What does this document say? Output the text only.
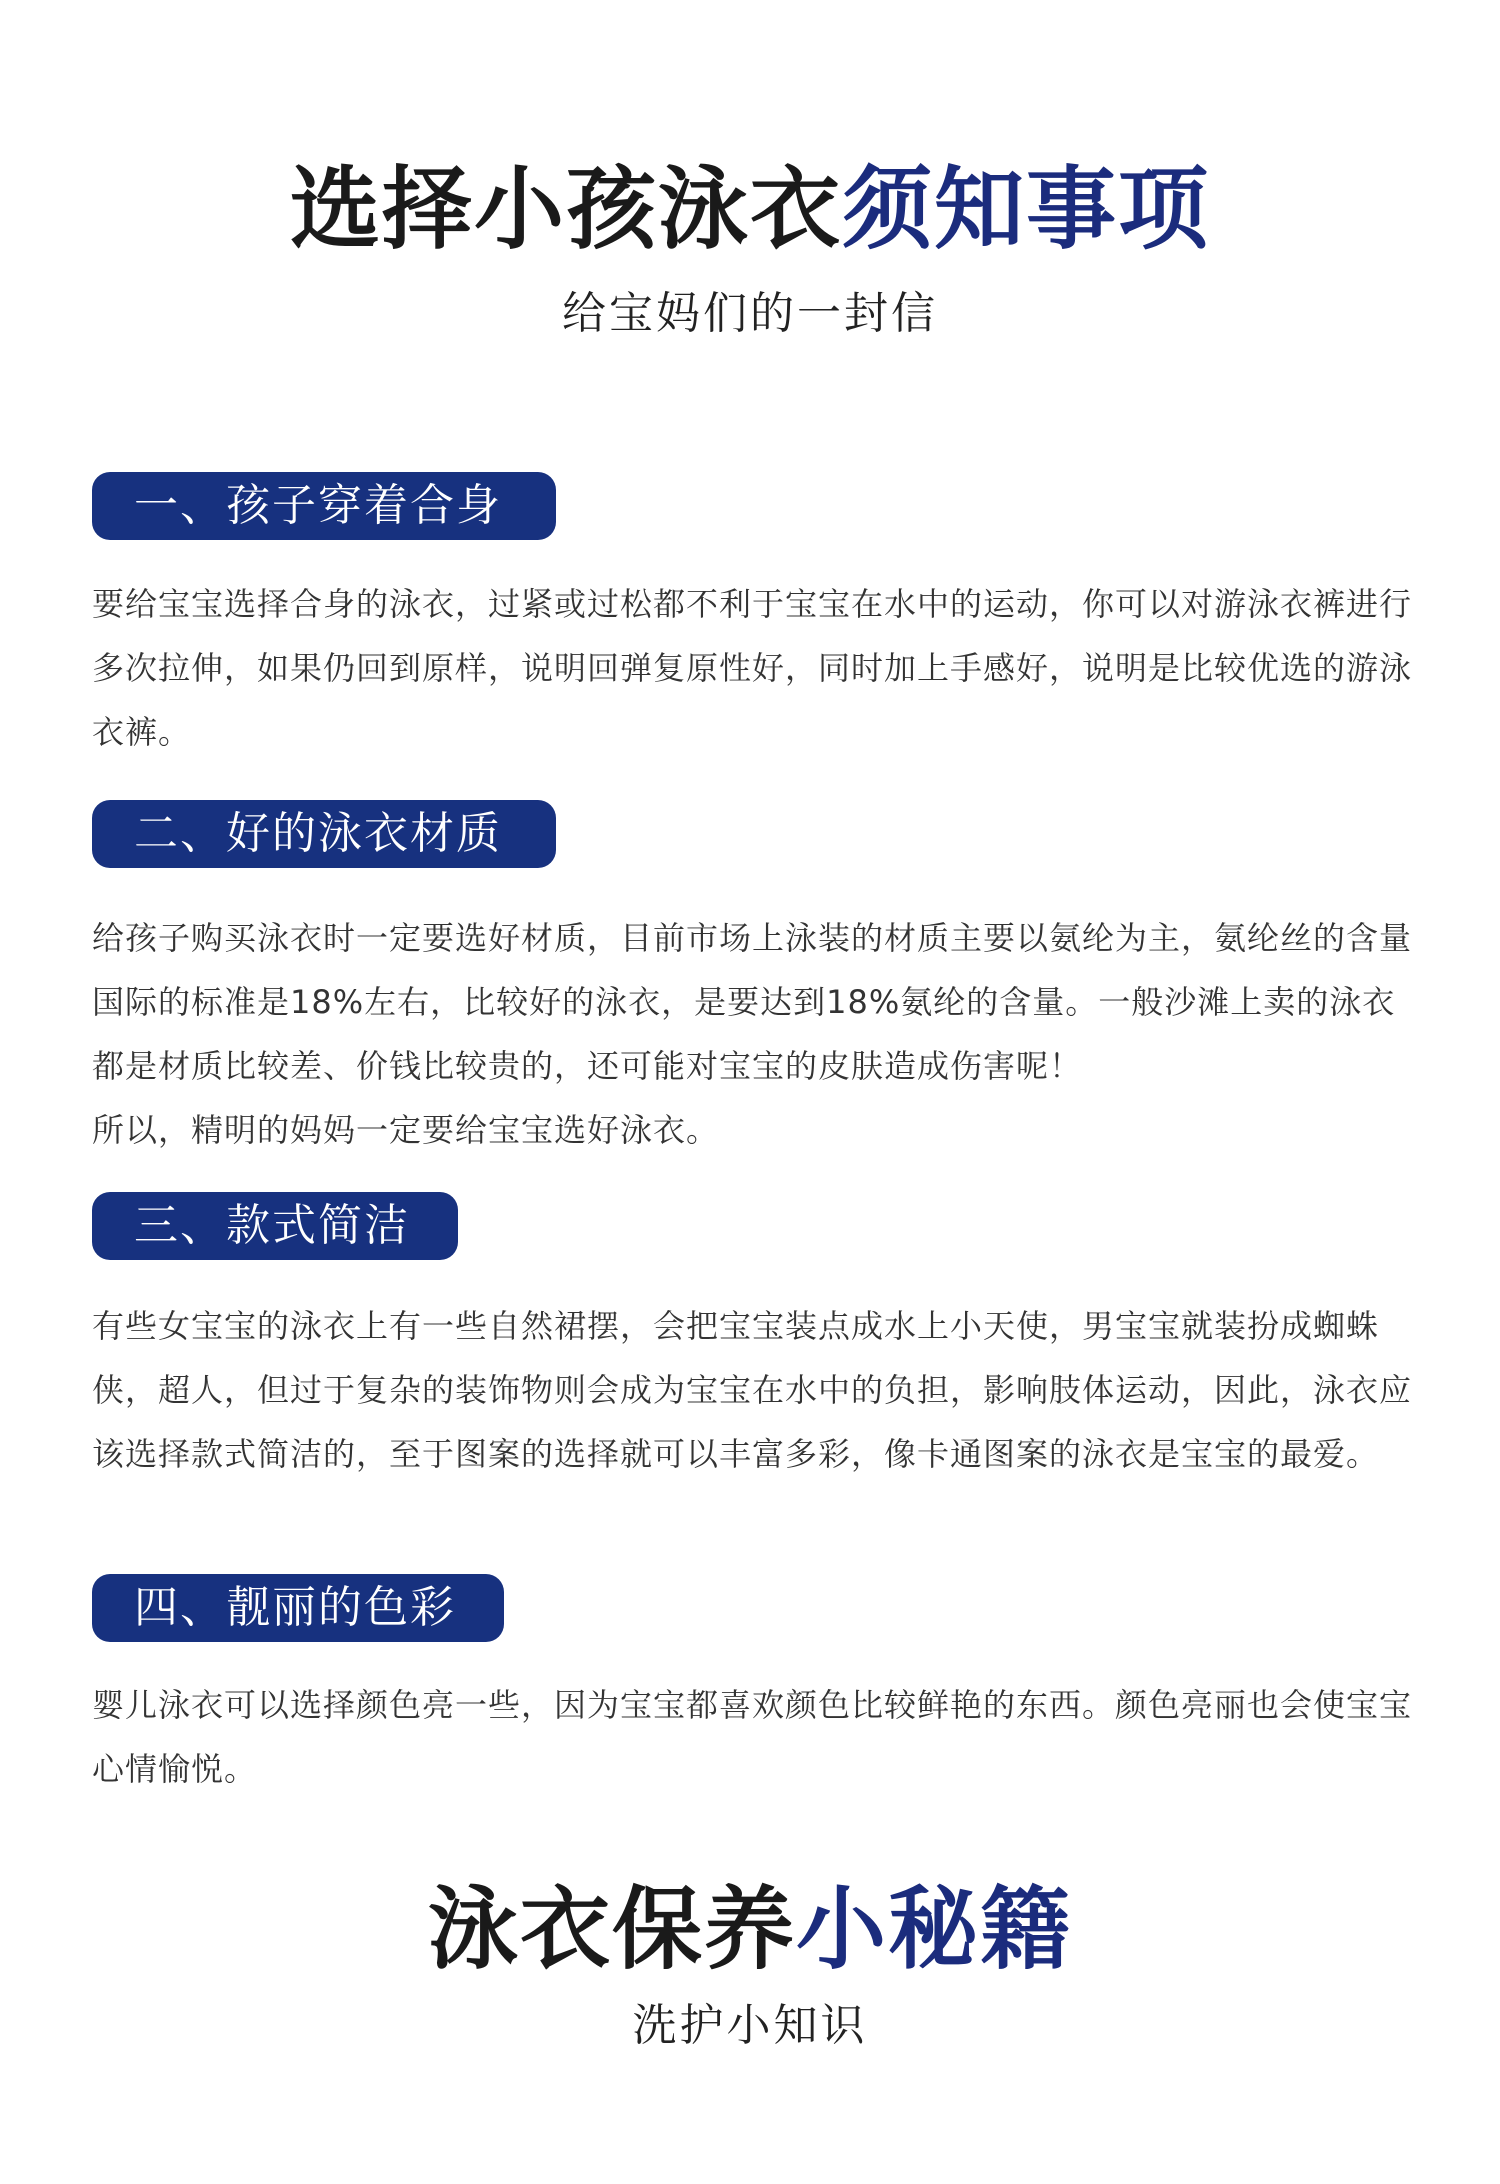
选择小孩泳衣须知事项
给宝妈们的一封信
一、孩子穿着合身

要给宝宝选择合身的泳衣，过紧或过松都不利于宝宝在水中的运动，你可以对游泳衣裤进行多次拉伸，如果仍回到原样，说明回弹复原性好，同时加上手感好，说明是比较优选的游泳衣裤。

二、好的泳衣材质

给孩子购买泳衣时一定要选好材质，目前市场上泳装的材质主要以氨纶为主，氨纶丝的含量国际的标准是18%左右，比较好的泳衣，是要达到18%氨纶的含量。一般沙滩上卖的泳衣都是材质比较差、价钱比较贵的，还可能对宝宝的皮肤造成伤害呢！

所以，精明的妈妈一定要给宝宝选好泳衣。

三、款式简洁

有些女宝宝的泳衣上有一些自然裙摆，会把宝宝装点成水上小天使，男宝宝就装扮成蜘蛛侠，超人，但过于复杂的装饰物则会成为宝宝在水中的负担，影响肢体运动，因此，泳衣应该选择款式简洁的，至于图案的选择就可以丰富多彩，像卡通图案的泳衣是宝宝的最爱。

四、靓丽的色彩

婴儿泳衣可以选择颜色亮一些，因为宝宝都喜欢颜色比较鲜艳的东西。颜色亮丽也会使宝宝心情愉悦。

泳衣保养小秘籍
洗护小知识
